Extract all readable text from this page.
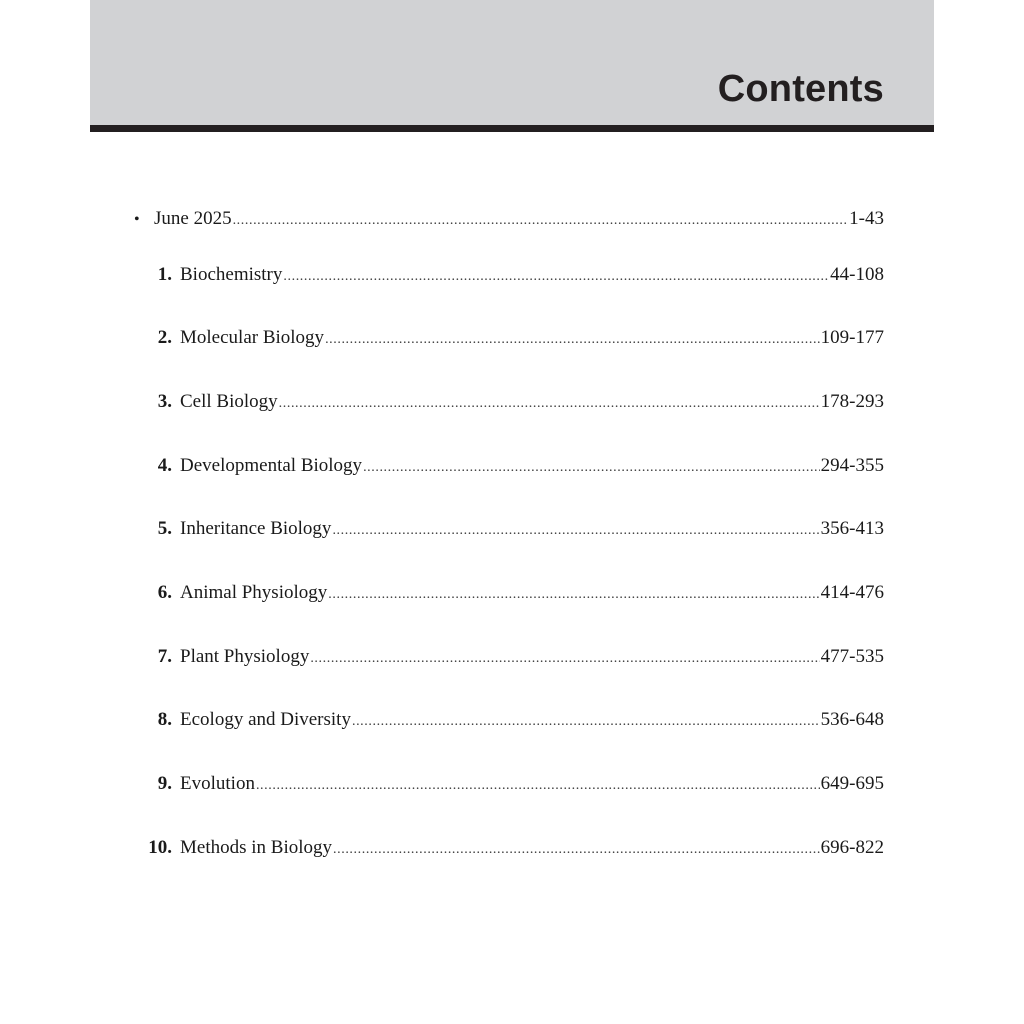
Contents
• June 2025 .....	1-43
1. Biochemistry .....	44-108
2. Molecular Biology .....	109-177
3. Cell Biology .....	178-293
4. Developmental Biology .....	294-355
5. Inheritance Biology .....	356-413
6. Animal Physiology .....	414-476
7. Plant Physiology .....	477-535
8. Ecology and Diversity .....	536-648
9. Evolution .....	649-695
10. Methods in Biology .....	696-822
